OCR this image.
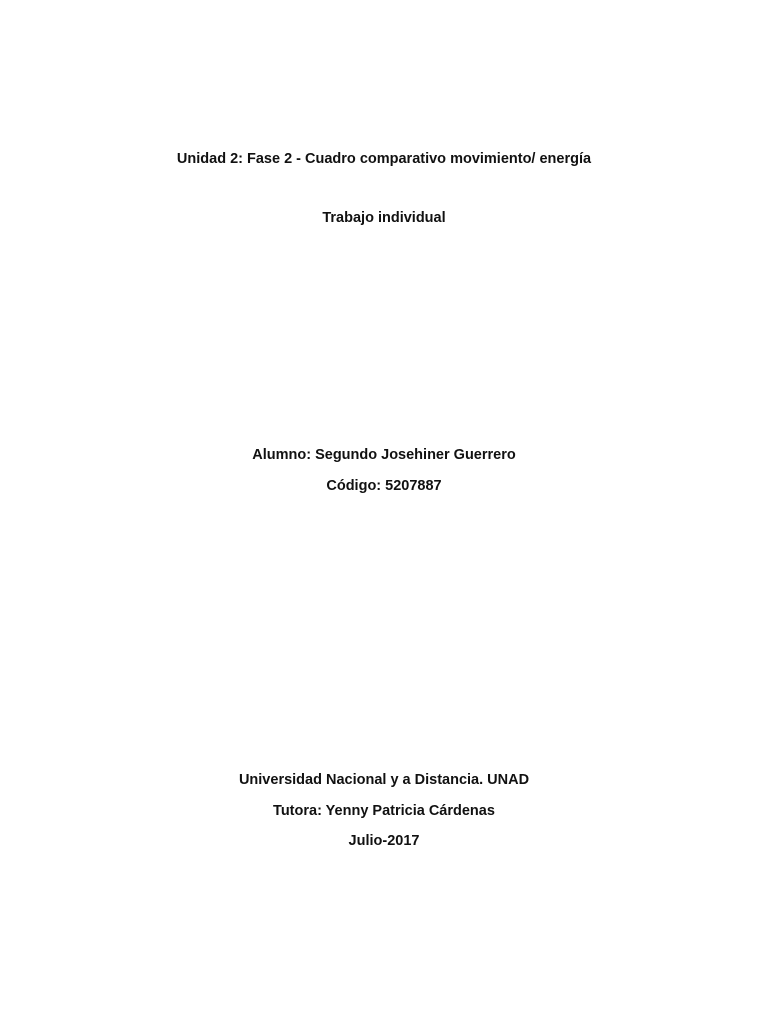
Unidad 2: Fase 2 - Cuadro comparativo movimiento/ energía
Trabajo individual
Alumno: Segundo Josehiner Guerrero
Código: 5207887
Universidad Nacional y a Distancia. UNAD
Tutora: Yenny Patricia Cárdenas
Julio-2017
